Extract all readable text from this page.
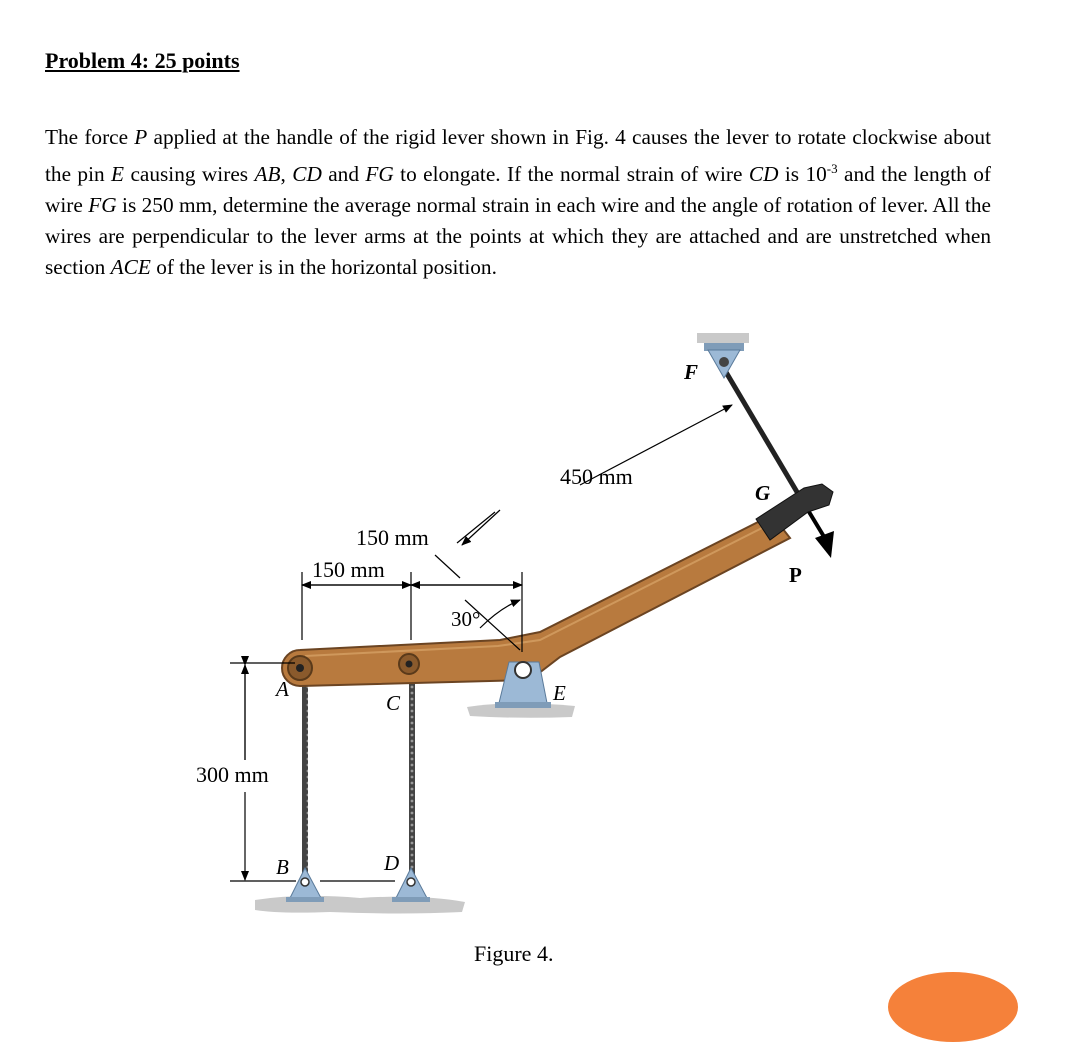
Problem 4: 25 points

The force P applied at the handle of the rigid lever shown in Fig. 4 causes the lever to rotate clockwise about the pin E causing wires AB, CD and FG to elongate. If the normal strain of wire CD is $10^{-3}$ and the length of wire FG is 250 mm, determine the average normal strain in each wire and the angle of rotation of lever. All the wires are perpendicular to the lever arms at the points at which they are attached and are unstretched when section ACE of the lever is in the horizontal position.

450 mm
150 mm
150 mm
300 mm
30°
A
B
C
D
E
F
G
P
Figure 4.
